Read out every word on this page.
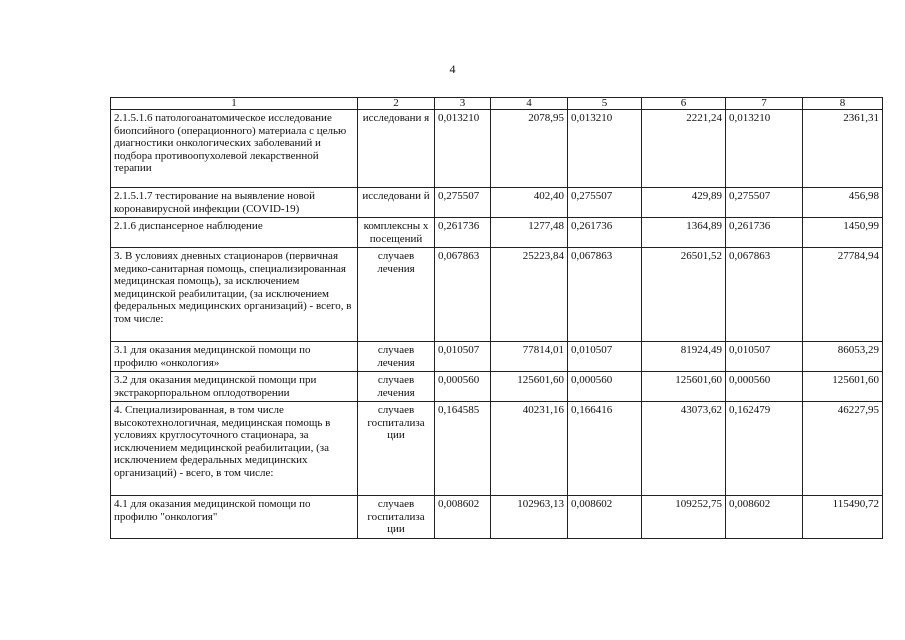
4
1	2	3	4	5	6	7	8
2.1.5.1.6 патологоанатомическое исследование биопсийного (операционного) материала с целью диагностики онкологических заболеваний и подбора противоопухолевой лекарственной терапии	исследовани я	0,013210	2078,95	0,013210	2221,24	0,013210	2361,31
2.1.5.1.7 тестирование на выявление новой коронавирусной инфекции (COVID-19)	исследовани й	0,275507	402,40	0,275507	429,89	0,275507	456,98
2.1.6 диспансерное наблюдение	комплексны х посещений	0,261736	1277,48	0,261736	1364,89	0,261736	1450,99
3. В условиях дневных стационаров (первичная медико-санитарная помощь, специализированная медицинская помощь), за исключением медицинской реабилитации, (за исключением федеральных медицинских организаций) - всего, в том числе:	случаев лечения	0,067863	25223,84	0,067863	26501,52	0,067863	27784,94
3.1 для оказания медицинской помощи по профилю «онкология»	случаев лечения	0,010507	77814,01	0,010507	81924,49	0,010507	86053,29
3.2 для оказания медицинской помощи при экстракорпоральном оплодотворении	случаев лечения	0,000560	125601,60	0,000560	125601,60	0,000560	125601,60
4. Специализированная, в том числе высокотехнологичная, медицинская помощь в условиях круглосуточного стационара, за исключением медицинской реабилитации, (за исключением федеральных медицинских организаций) - всего, в том числе:	случаев госпитализа ции	0,164585	40231,16	0,166416	43073,62	0,162479	46227,95
4.1 для оказания медицинской помощи по профилю "онкология"	случаев госпитализа ции	0,008602	102963,13	0,008602	109252,75	0,008602	115490,72
